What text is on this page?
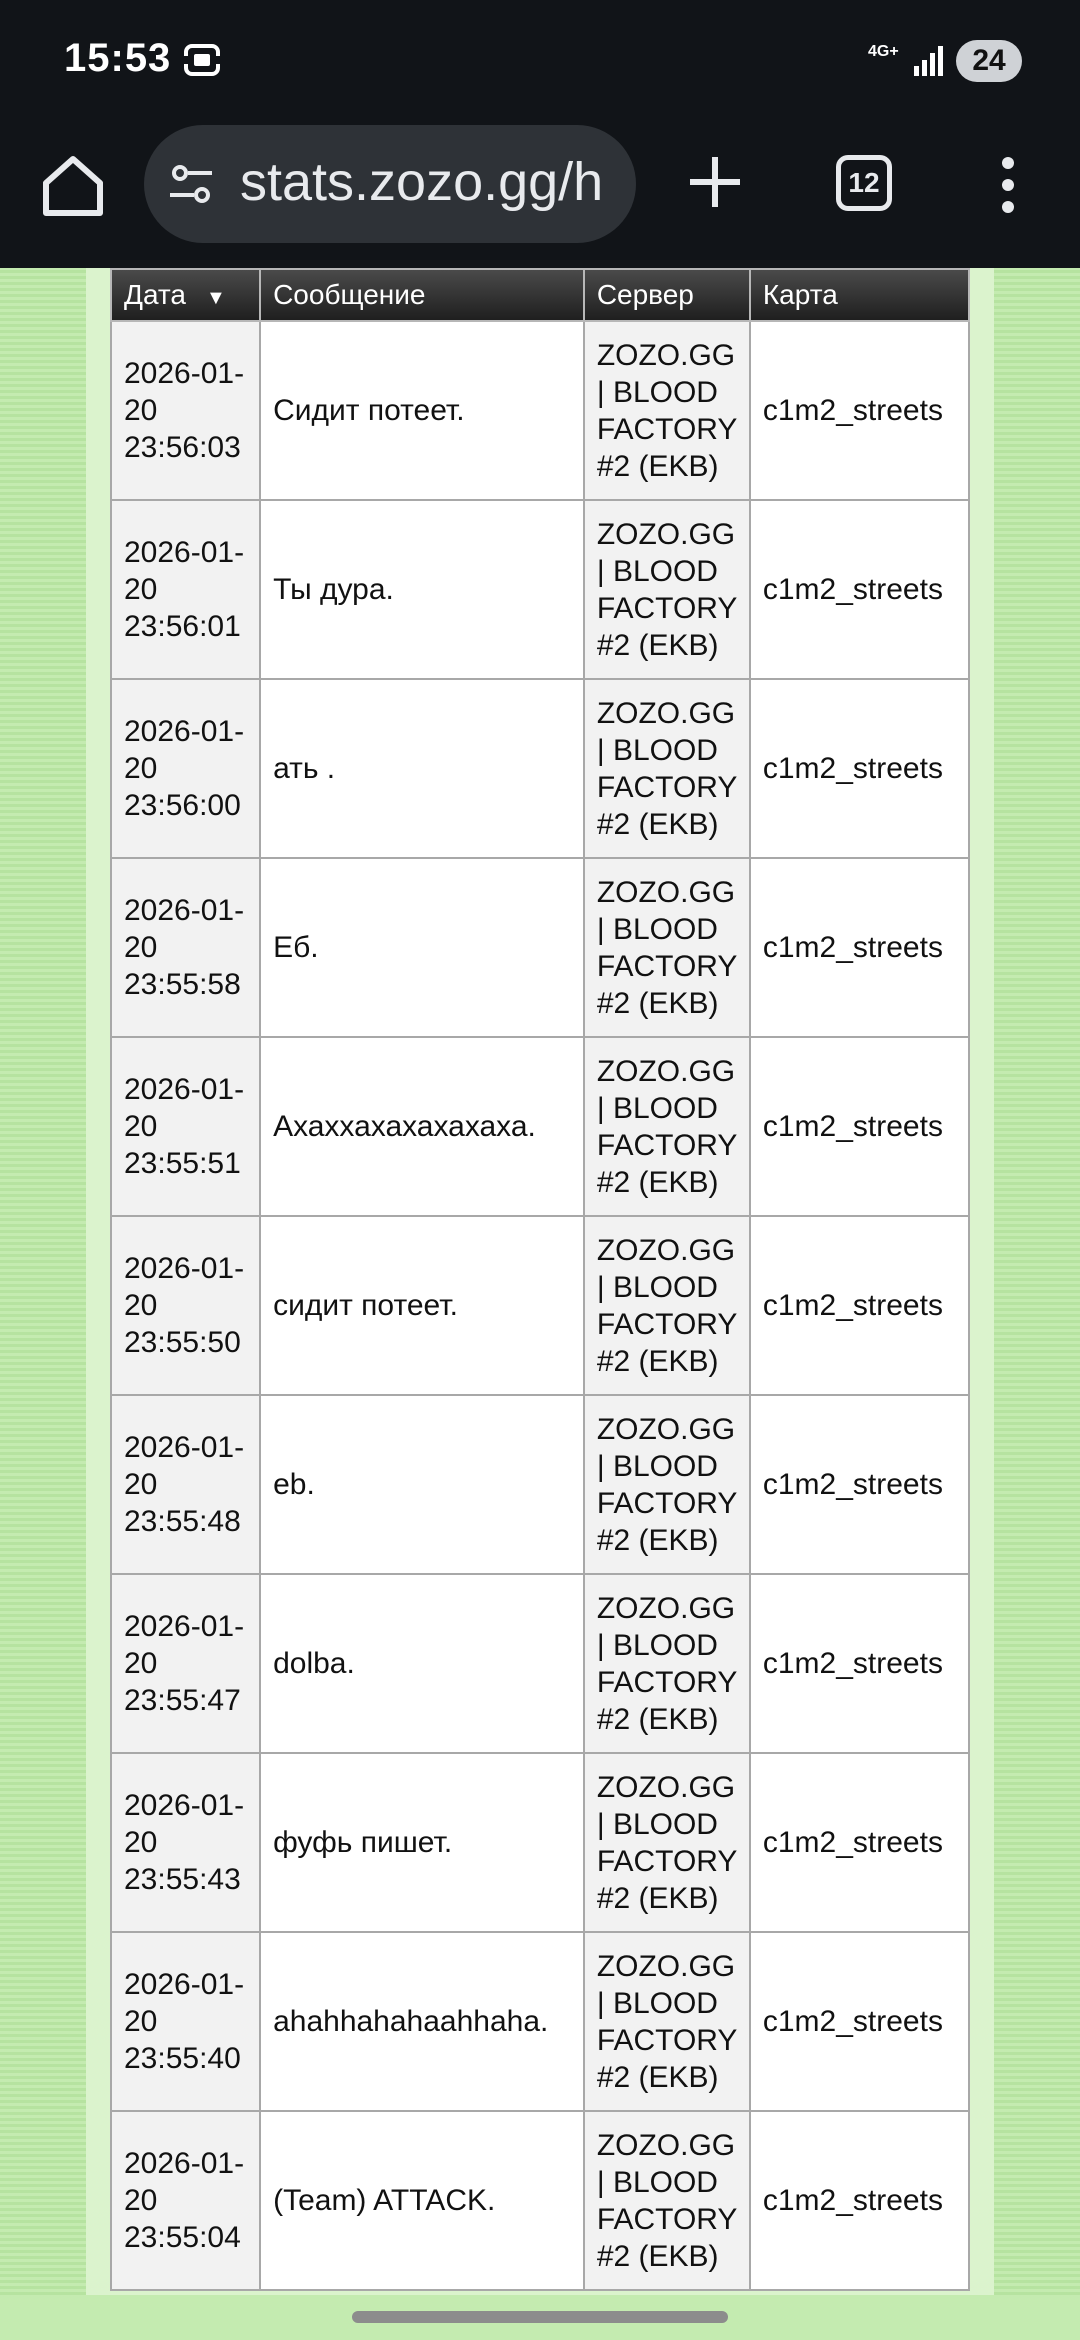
15:53	4G+	24
stats.zozo.gg/h	12
Дата ▼	Сообщение	Сервер	Карта
2026-01-20 23:56:03	Сидит потеет.	ZOZO.GG | BLOOD FACTORY #2 (EKB)	c1m2_streets
2026-01-20 23:56:01	Ты дура.	ZOZO.GG | BLOOD FACTORY #2 (EKB)	c1m2_streets
2026-01-20 23:56:00	ать .	ZOZO.GG | BLOOD FACTORY #2 (EKB)	c1m2_streets
2026-01-20 23:55:58	Еб.	ZOZO.GG | BLOOD FACTORY #2 (EKB)	c1m2_streets
2026-01-20 23:55:51	Ахаххахахахахаха.	ZOZO.GG | BLOOD FACTORY #2 (EKB)	c1m2_streets
2026-01-20 23:55:50	сидит потеет.	ZOZO.GG | BLOOD FACTORY #2 (EKB)	c1m2_streets
2026-01-20 23:55:48	eb.	ZOZO.GG | BLOOD FACTORY #2 (EKB)	c1m2_streets
2026-01-20 23:55:47	dolba.	ZOZO.GG | BLOOD FACTORY #2 (EKB)	c1m2_streets
2026-01-20 23:55:43	фуфь пишет.	ZOZO.GG | BLOOD FACTORY #2 (EKB)	c1m2_streets
2026-01-20 23:55:40	ahahhahahaahhaha.	ZOZO.GG | BLOOD FACTORY #2 (EKB)	c1m2_streets
2026-01-20 23:55:04	(Team) ATTACK.	ZOZO.GG | BLOOD FACTORY #2 (EKB)	c1m2_streets
